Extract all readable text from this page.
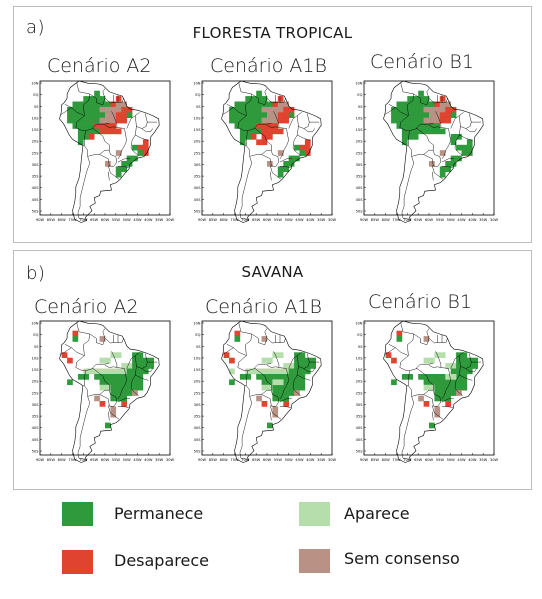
a)	FLORESTA TROPICAL
Cenário A2	Cenário A1B Cenário B1
10N
EQ
5S
10S
15S
20S
25S
30S
35S
40S
45S
50S
90W 85W 80W 75W 70W 65W 60W 55W 50W 45W 40W 35W 30W
10N
EQ
5S
10S
15S
20S
25S
30S
35S
40S
45S
50S
90W 85W 80W 75W 70W 65W 60W 55W 50W 45W 40W 35W 30W
10N
EQ
5S
10S
15S
20S
25S
30S
35S
40S
45S
50S
90W 85W 80W 75W 70W 65W 60W 55W 50W 45W 40W 35W 30W
b)	SAVANA
Cenário A2	Cenário A1B Cenário B1
10N
EQ
5S
10S
15S
20S
25S
30S
35S
40S
45S
50S
90W 85W 80W 75W 70W 65W 60W 55W 50W 45W 40W 35W 30W
10N
EQ
5S
10S
15S
20S
25S
30S
35S
40S
45S
50S
90W 85W 80W 75W 70W 65W 60W 55W 50W 45W 40W 35W 30W
10N
EQ
5S
10S
15S
20S
25S
30S
35S
40S
45S
50S
90W 85W 80W 75W 70W 65W 60W 55W 50W 45W 40W 35W 30W
Permanece	Aparece
Desaparece	Sem consenso
